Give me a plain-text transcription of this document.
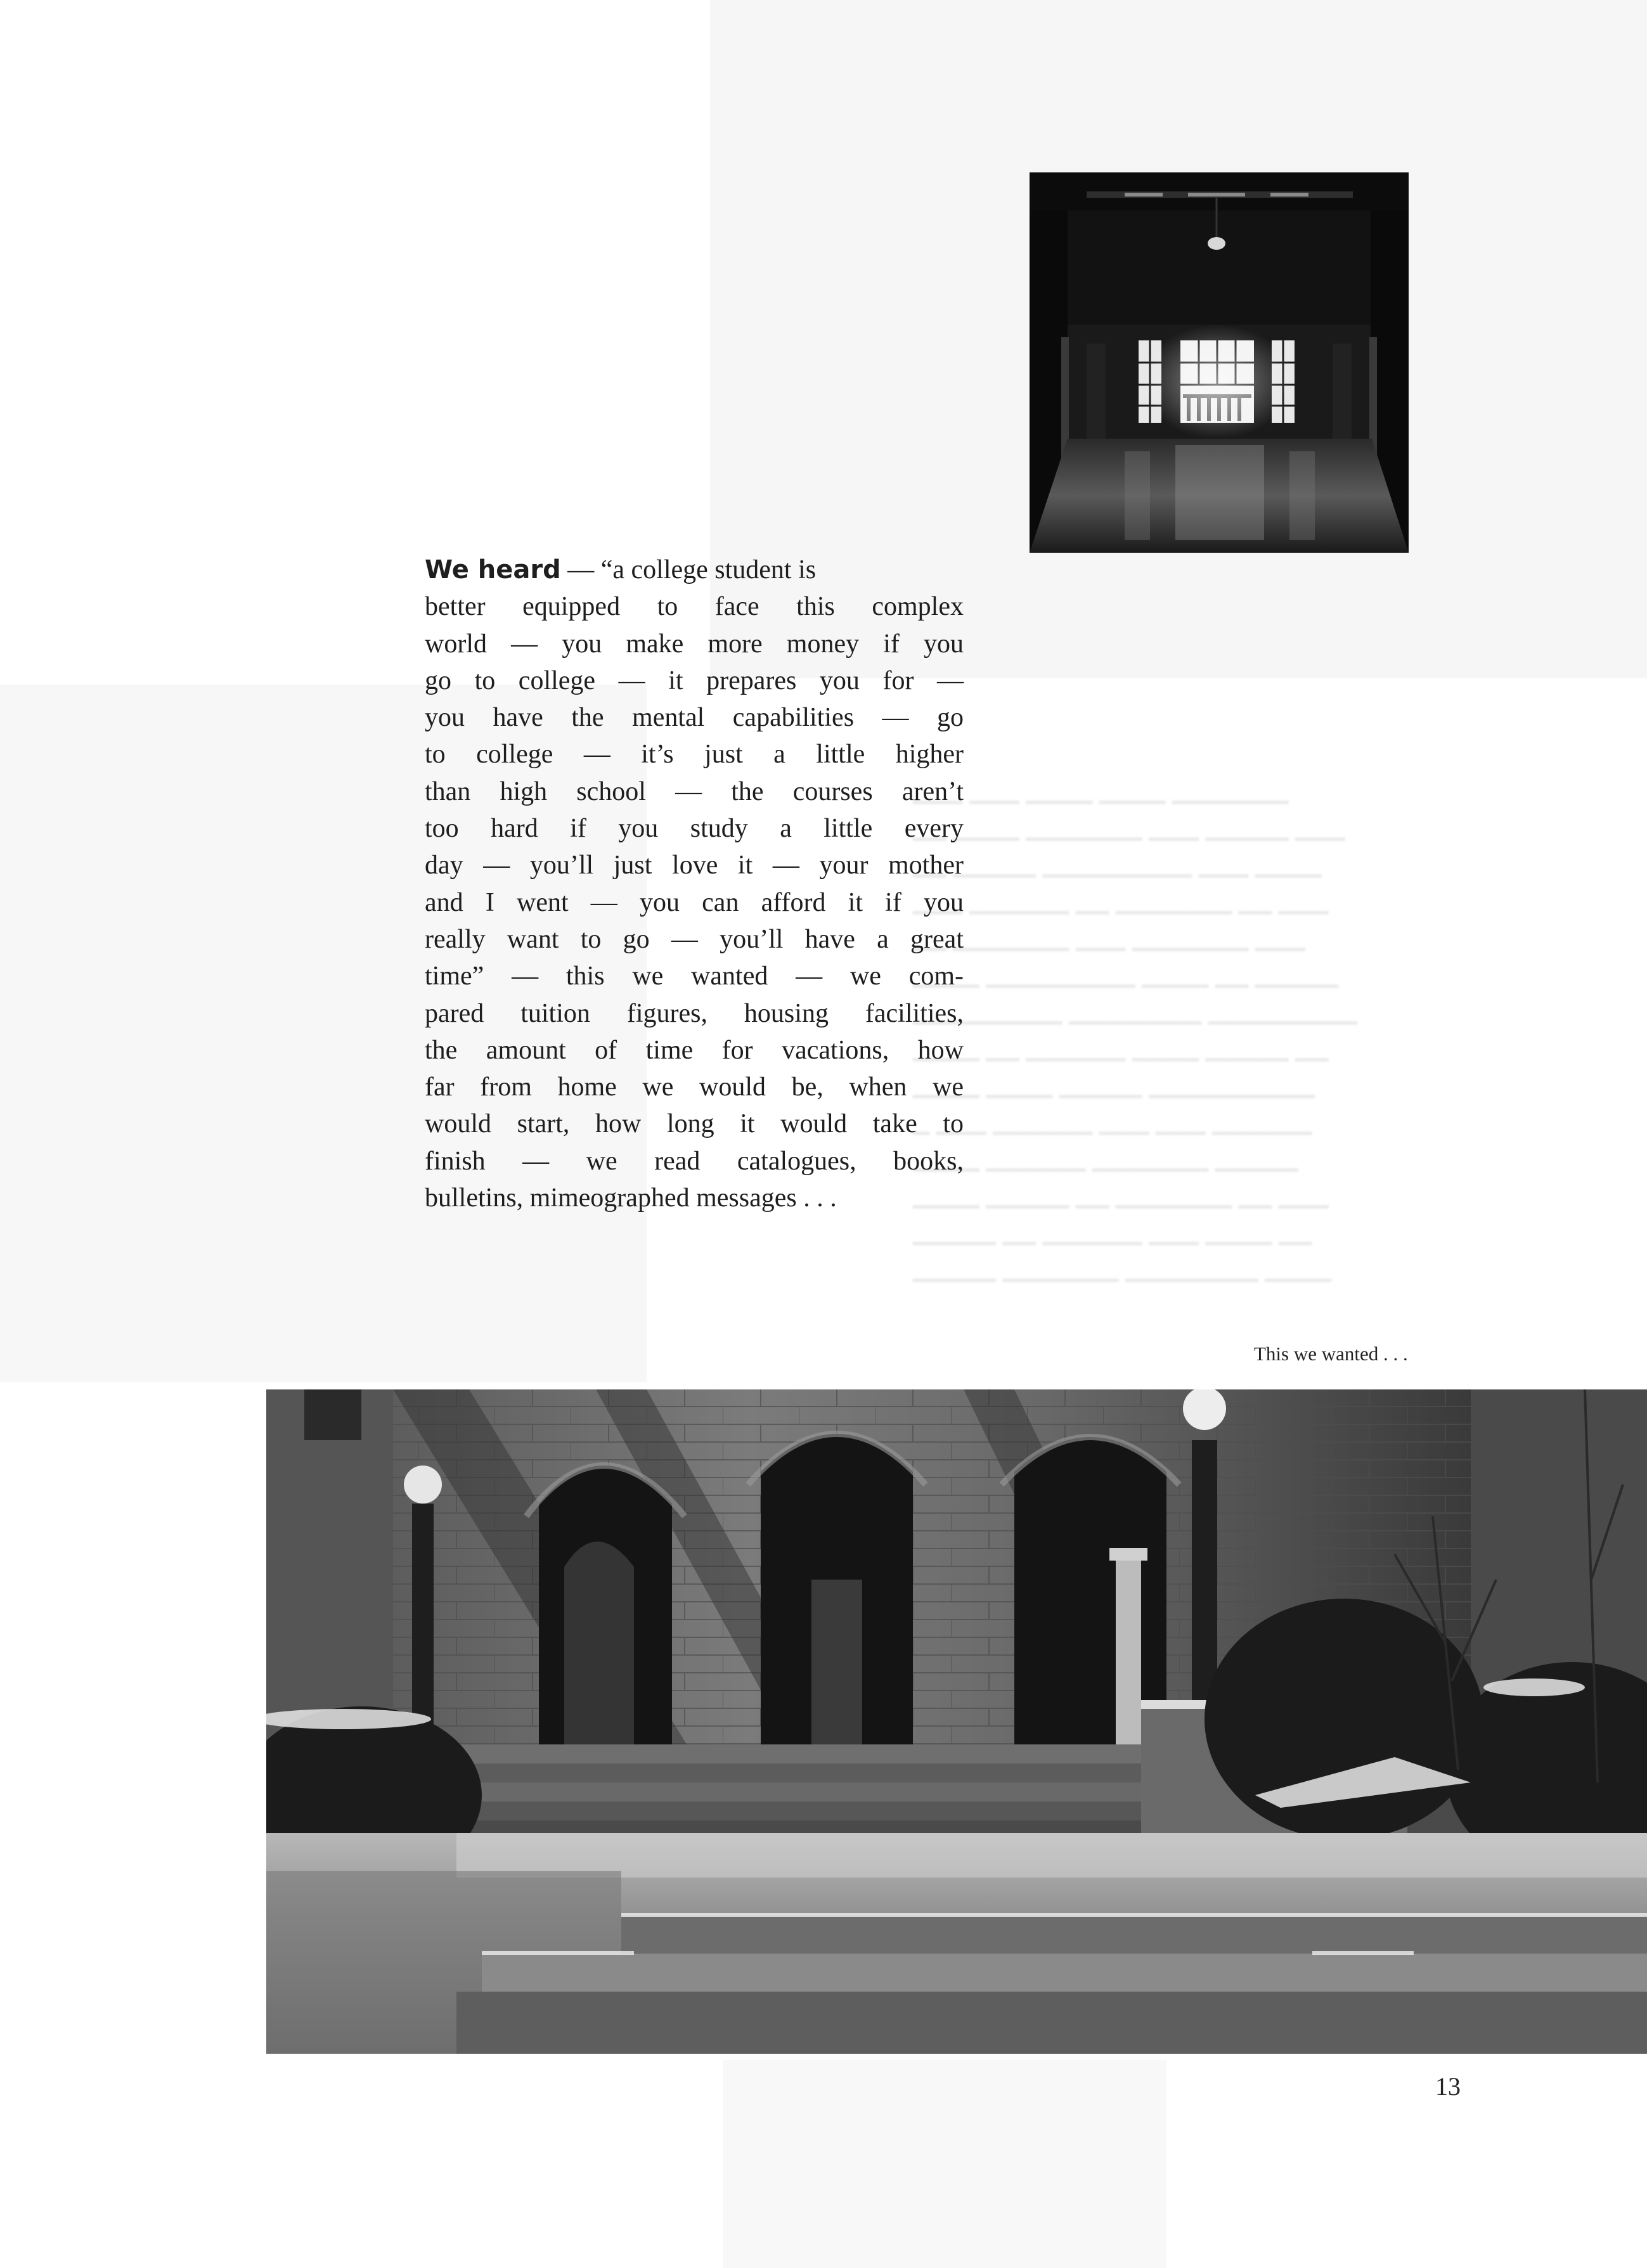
▁▁▁ ▁▁▁ ▁▁▁▁ ▁▁▁▁ ▁▁▁▁▁▁▁
▁▁ ▁▁▁▁ ▁▁▁▁▁▁▁ ▁▁▁ ▁▁▁▁▁ ▁▁▁
▁▁ ▁▁▁▁▁ ▁▁▁▁▁▁▁▁▁ ▁▁▁ ▁▁▁▁
▁▁▁ ▁▁▁▁▁▁ ▁▁ ▁▁▁▁▁▁▁ ▁▁ ▁▁▁
▁▁ ▁▁▁▁▁▁▁ ▁▁▁ ▁▁▁▁▁▁▁ ▁▁▁
▁▁▁▁ ▁▁▁▁▁▁▁▁▁ ▁▁▁▁ ▁▁ ▁▁▁▁▁
▁▁▁▁▁▁▁▁▁ ▁▁▁▁▁▁▁▁ ▁▁▁▁▁▁▁▁▁
▁▁▁▁ ▁▁ ▁▁▁▁▁▁ ▁▁▁▁ ▁▁▁▁▁ ▁▁
▁▁▁▁ ▁▁▁▁ ▁▁▁▁▁ ▁▁▁▁▁▁▁▁▁▁
▁ ▁▁▁ ▁▁▁▁▁▁ ▁▁▁ ▁▁▁ ▁▁▁▁▁▁
▁▁▁▁ ▁▁▁▁▁▁ ▁▁▁▁▁▁▁ ▁▁▁▁▁
▁▁▁▁ ▁▁▁▁▁ ▁▁ ▁▁▁▁▁▁▁ ▁▁ ▁▁▁
▁▁▁▁▁ ▁▁ ▁▁▁▁▁▁ ▁▁▁ ▁▁▁▁ ▁▁
▁▁▁▁▁ ▁▁▁▁▁▁▁ ▁▁▁▁▁▁▁▁ ▁▁▁▁
We heard — “a college student is
better equipped to face this complex
world — you make more money if you
go to college — it prepares you for —
you have the mental capabilities — go
to college — it’s just a little higher
than high school — the courses aren’t
too hard if you study a little every
day — you’ll just love it — your mother
and I went — you can afford it if you
really want to go — you’ll have a great
time” — this we wanted — we com-
pared tuition figures, housing facilities,
the amount of time for vacations, how
far from home we would be, when we
would start, how long it would take to
finish — we read catalogues, books,
bulletins, mimeographed messages . . .
This we wanted . . .
13
